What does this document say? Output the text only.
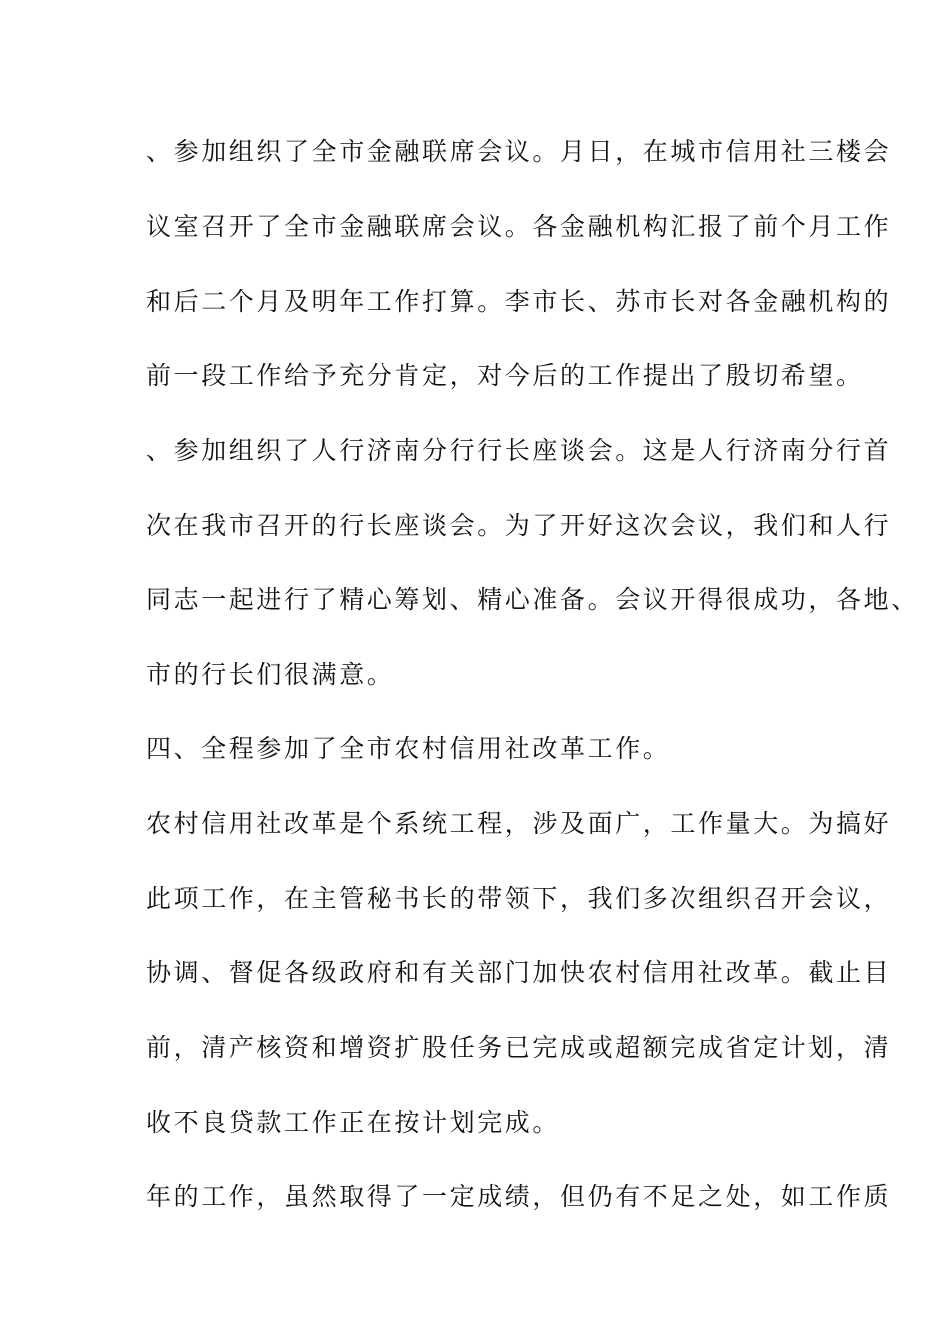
、参加组织了全市金融联席会议。月日，在城市信用社三楼会
议室召开了全市金融联席会议。各金融机构汇报了前个月工作
和后二个月及明年工作打算。李市长、苏市长对各金融机构的
前一段工作给予充分肯定，对今后的工作提出了殷切希望。
、参加组织了人行济南分行行长座谈会。这是人行济南分行首
次在我市召开的行长座谈会。为了开好这次会议，我们和人行
同志一起进行了精心筹划、精心准备。会议开得很成功，各地、
市的行长们很满意。
四、全程参加了全市农村信用社改革工作。
农村信用社改革是个系统工程，涉及面广，工作量大。为搞好
此项工作，在主管秘书长的带领下，我们多次组织召开会议，
协调、督促各级政府和有关部门加快农村信用社改革。截止目
前，清产核资和增资扩股任务已完成或超额完成省定计划，清
收不良贷款工作正在按计划完成。
年的工作，虽然取得了一定成绩，但仍有不足之处，如工作质
